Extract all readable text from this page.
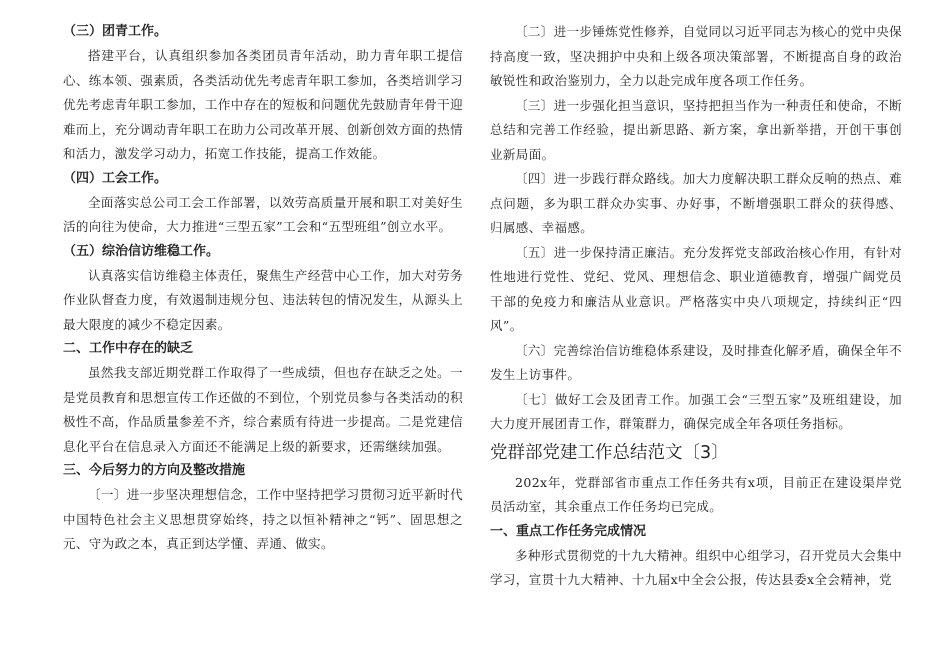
（三）团青工作。

搭建平台，认真组织参加各类团员青年活动，助力青年职工提信心、练本领、强素质，各类活动优先考虑青年职工参加，各类培训学习优先考虑青年职工参加，工作中存在的短板和问题优先鼓励青年骨干迎难而上，充分调动青年职工在助力公司改革开展、创新创效方面的热情和活力，激发学习动力，拓宽工作技能，提高工作效能。

（四）工会工作。

全面落实总公司工会工作部署，以效劳高质量开展和职工对美好生活的向往为使命，大力推进“三型五家”工会和“五型班组”创立水平。

（五）综治信访维稳工作。

认真落实信访维稳主体责任，聚焦生产经营中心工作，加大对劳务作业队督查力度，有效遏制违规分包、违法转包的情况发生，从源头上最大限度的减少不稳定因素。

二、工作中存在的缺乏

虽然我支部近期党群工作取得了一些成绩，但也存在缺乏之处。一是党员教育和思想宣传工作还做的不到位，个别党员参与各类活动的积极性不高，作品质量参差不齐，综合素质有待进一步提高。二是党建信息化平台在信息录入方面还不能满足上级的新要求，还需继续加强。

三、今后努力的方向及整改措施

〔一〕进一步坚决理想信念，工作中坚持把学习贯彻习近平新时代中国特色社会主义思想贯穿始终，持之以恒补精神之“钙”、固思想之元、守为政之本，真正到达学懂、弄通、做实。

〔二〕进一步锤炼党性修养，自觉同以习近平同志为核心的党中央保持高度一致，坚决拥护中央和上级各项决策部署，不断提高自身的政治敏锐性和政治鉴别力，全力以赴完成年度各项工作任务。

〔三〕进一步强化担当意识，坚持把担当作为一种责任和使命，不断总结和完善工作经验，提出新思路、新方案，拿出新举措，开创干事创业新局面。

〔四〕进一步践行群众路线。加大力度解决职工群众反响的热点、难点问题，多为职工群众办实事、办好事，不断增强职工群众的获得感、归属感、幸福感。

〔五〕进一步保持清正廉洁。充分发挥党支部政治核心作用，有针对性地进行党性、党纪、党风、理想信念、职业道德教育，增强广阔党员干部的免疫力和廉洁从业意识。严格落实中央八项规定，持续纠正“四风”。

〔六〕完善综治信访维稳体系建设，及时排查化解矛盾，确保全年不发生上访事件。

〔七〕做好工会及团青工作。加强工会“三型五家”及班组建设，加大力度开展团青工作，群策群力，确保完成全年各项任务指标。

党群部党建工作总结范文〔3〕

202x年，党群部省市重点工作任务共有x项，目前正在建设渠岸党员活动室，其余重点工作任务均已完成。

一、重点工作任务完成情况

多种形式贯彻党的十九大精神。组织中心组学习，召开党员大会集中学习，宣贯十九大精神、十九届x中全会公报，传达县委x全会精神，党
